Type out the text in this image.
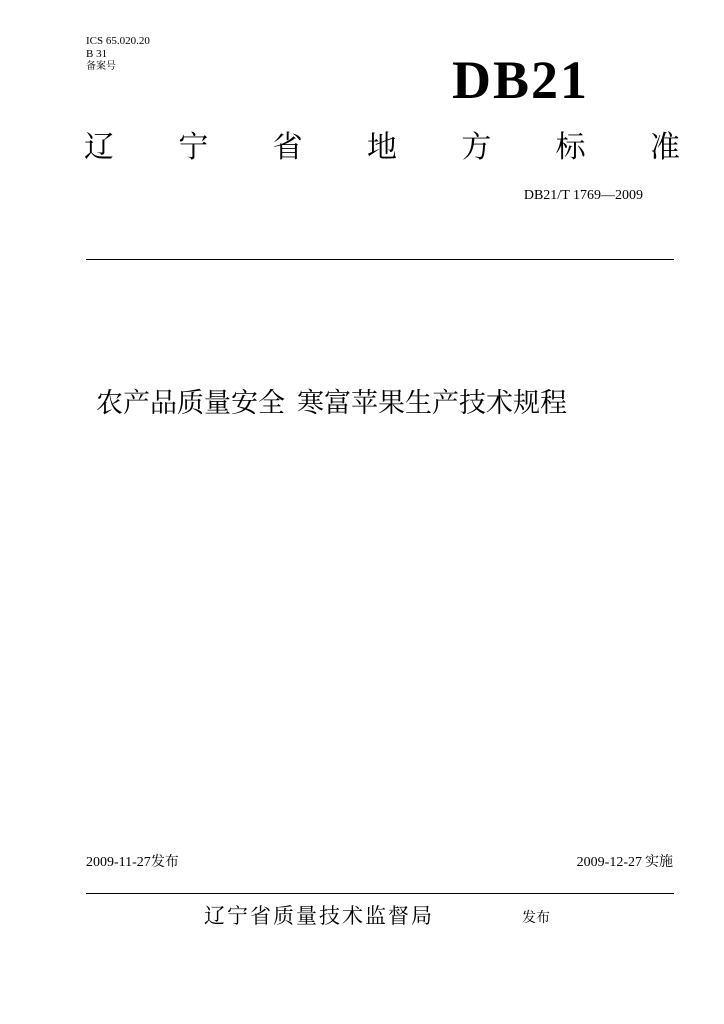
ICS 65.020.20
B 31
备案号	DB21
辽 宁 省 地 方 标 准
DB21/T 1769—2009
农产品质量安全 寒富苹果生产技术规程
2009-11-27发布	2009-12-27 实施
辽宁省质量技术监督局	发布
